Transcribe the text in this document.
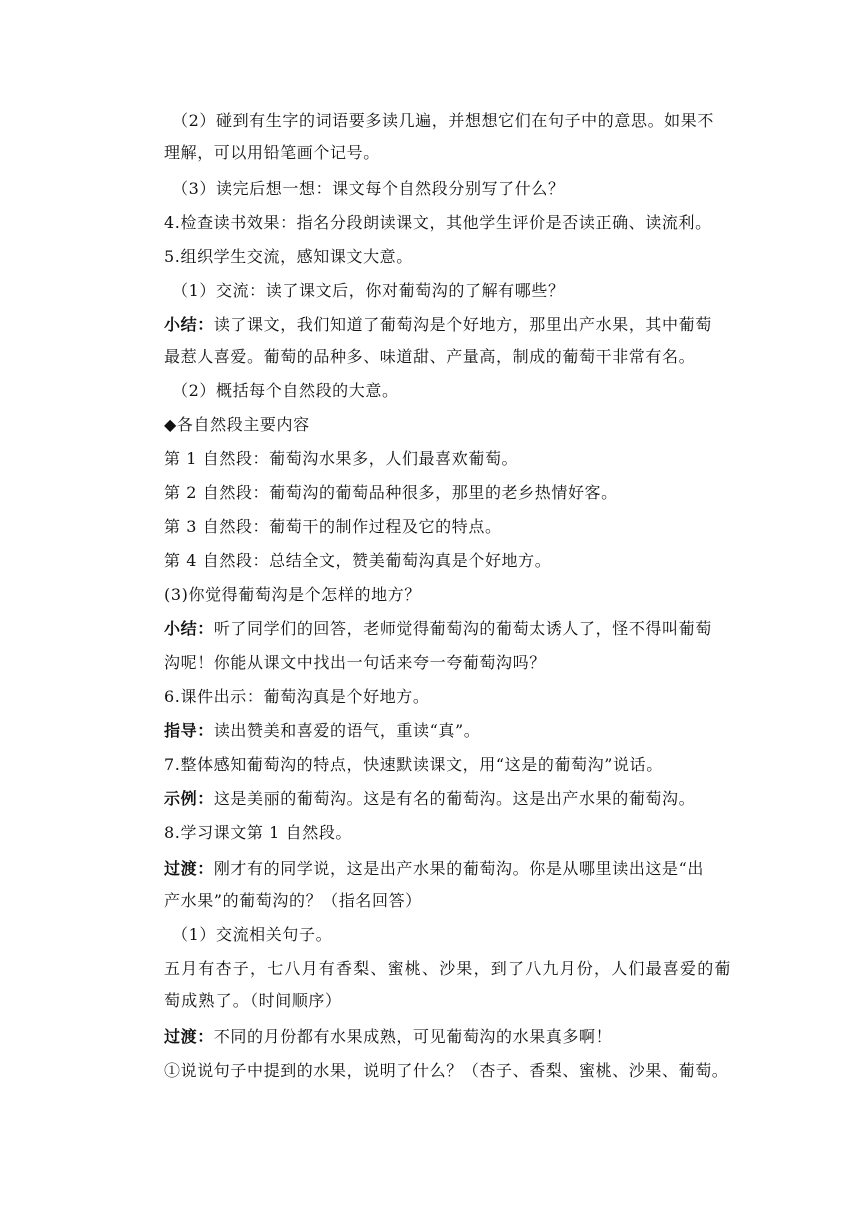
（2）碰到有生字的词语要多读几遍，并想想它们在句子中的意思。如果不
理解，可以用铅笔画个记号。
（3）读完后想一想：课文每个自然段分别写了什么？
4.检查读书效果：指名分段朗读课文，其他学生评价是否读正确、读流利。
5.组织学生交流，感知课文大意。
（1）交流：读了课文后，你对葡萄沟的了解有哪些？
小结：读了课文，我们知道了葡萄沟是个好地方，那里出产水果，其中葡萄
最惹人喜爱。葡萄的品种多、味道甜、产量高，制成的葡萄干非常有名。
（2）概括每个自然段的大意。
◆各自然段主要内容
第 1 自然段：葡萄沟水果多，人们最喜欢葡萄。
第 2 自然段：葡萄沟的葡萄品种很多，那里的老乡热情好客。
第 3 自然段：葡萄干的制作过程及它的特点。
第 4 自然段：总结全文，赞美葡萄沟真是个好地方。
(3)你觉得葡萄沟是个怎样的地方？
小结：听了同学们的回答，老师觉得葡萄沟的葡萄太诱人了，怪不得叫葡萄
沟呢！你能从课文中找出一句话来夸一夸葡萄沟吗？
6.课件出示：葡萄沟真是个好地方。
指导：读出赞美和喜爱的语气，重读“真”。
7.整体感知葡萄沟的特点，快速默读课文，用“这是的葡萄沟”说话。
示例：这是美丽的葡萄沟。这是有名的葡萄沟。这是出产水果的葡萄沟。
8.学习课文第 1 自然段。
过渡：刚才有的同学说，这是出产水果的葡萄沟。你是从哪里读出这是“出
产水果”的葡萄沟的？（指名回答）
（1）交流相关句子。
五月有杏子，七八月有香梨、蜜桃、沙果，到了八九月份，人们最喜爱的葡
萄成熟了。（时间顺序）
过渡：不同的月份都有水果成熟，可见葡萄沟的水果真多啊！
①说说句子中提到的水果，说明了什么？（杏子、香梨、蜜桃、沙果、葡萄。
